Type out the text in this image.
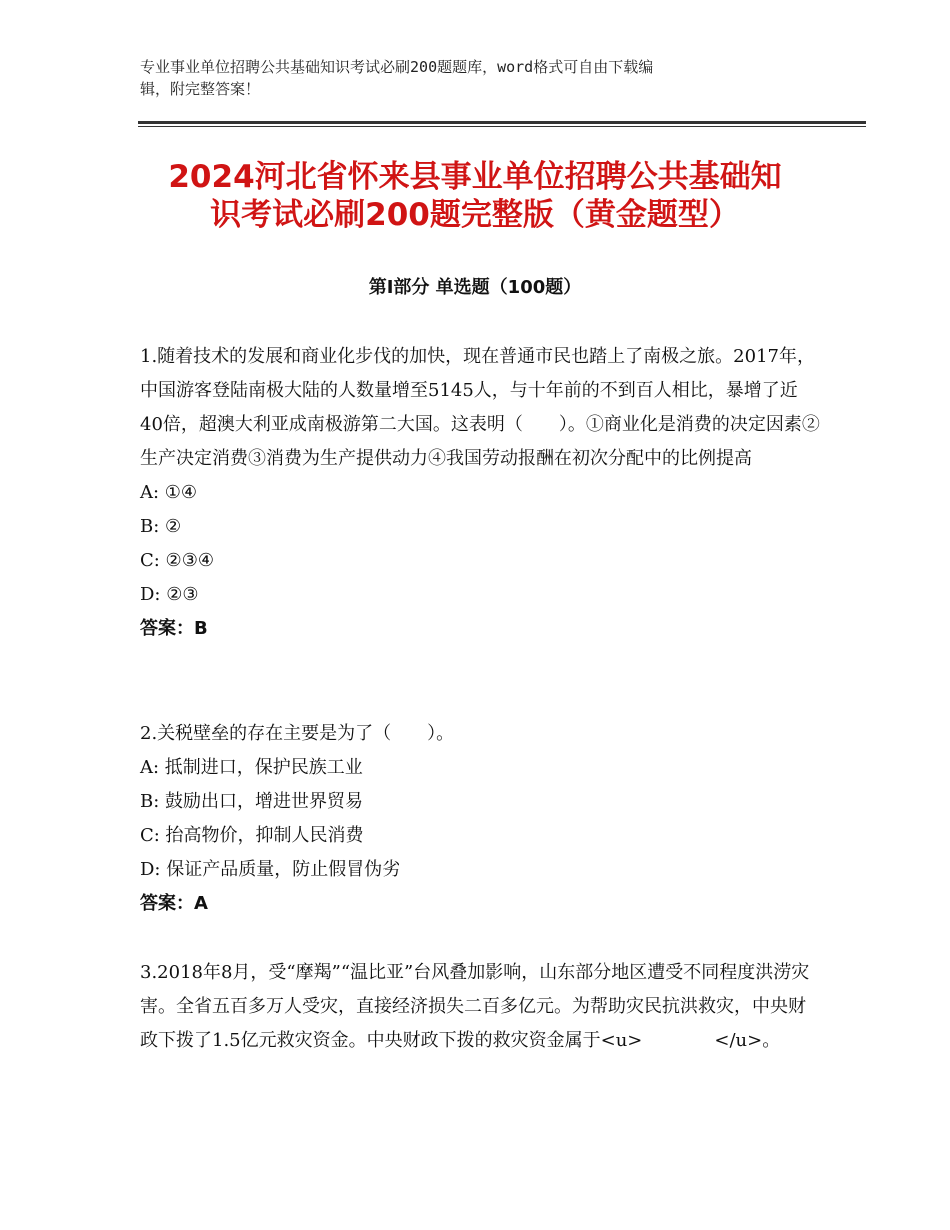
专业事业单位招聘公共基础知识考试必刷200题题库，word格式可自由下载编
辑，附完整答案！
2024河北省怀来县事业单位招聘公共基础知
识考试必刷200题完整版（黄金题型）
第Ⅰ部分 单选题（100题）

1.随着技术的发展和商业化步伐的加快，现在普通市民也踏上了南极之旅。2017年，中国游客登陆南极大陆的人数量增至5145人，与十年前的不到百人相比，暴增了近40倍，超澳大利亚成南极游第二大国。这表明（　　）。①商业化是消费的决定因素②生产决定消费③消费为生产提供动力④我国劳动报酬在初次分配中的比例提高

A: ①④

B: ②

C: ②③④

D: ②③

答案：B

2.关税壁垒的存在主要是为了（　　）。

A: 抵制进口，保护民族工业

B: 鼓励出口，增进世界贸易

C: 抬高物价，抑制人民消费

D: 保证产品质量，防止假冒伪劣

答案：A

3.2018年8月，受“摩羯”“温比亚”台风叠加影响，山东部分地区遭受不同程度洪涝灾害。全省五百多万人受灾，直接经济损失二百多亿元。为帮助灾民抗洪救灾，中央财政下拨了1.5亿元救灾资金。中央财政下拨的救灾资金属于<u>　　　　</u>。
